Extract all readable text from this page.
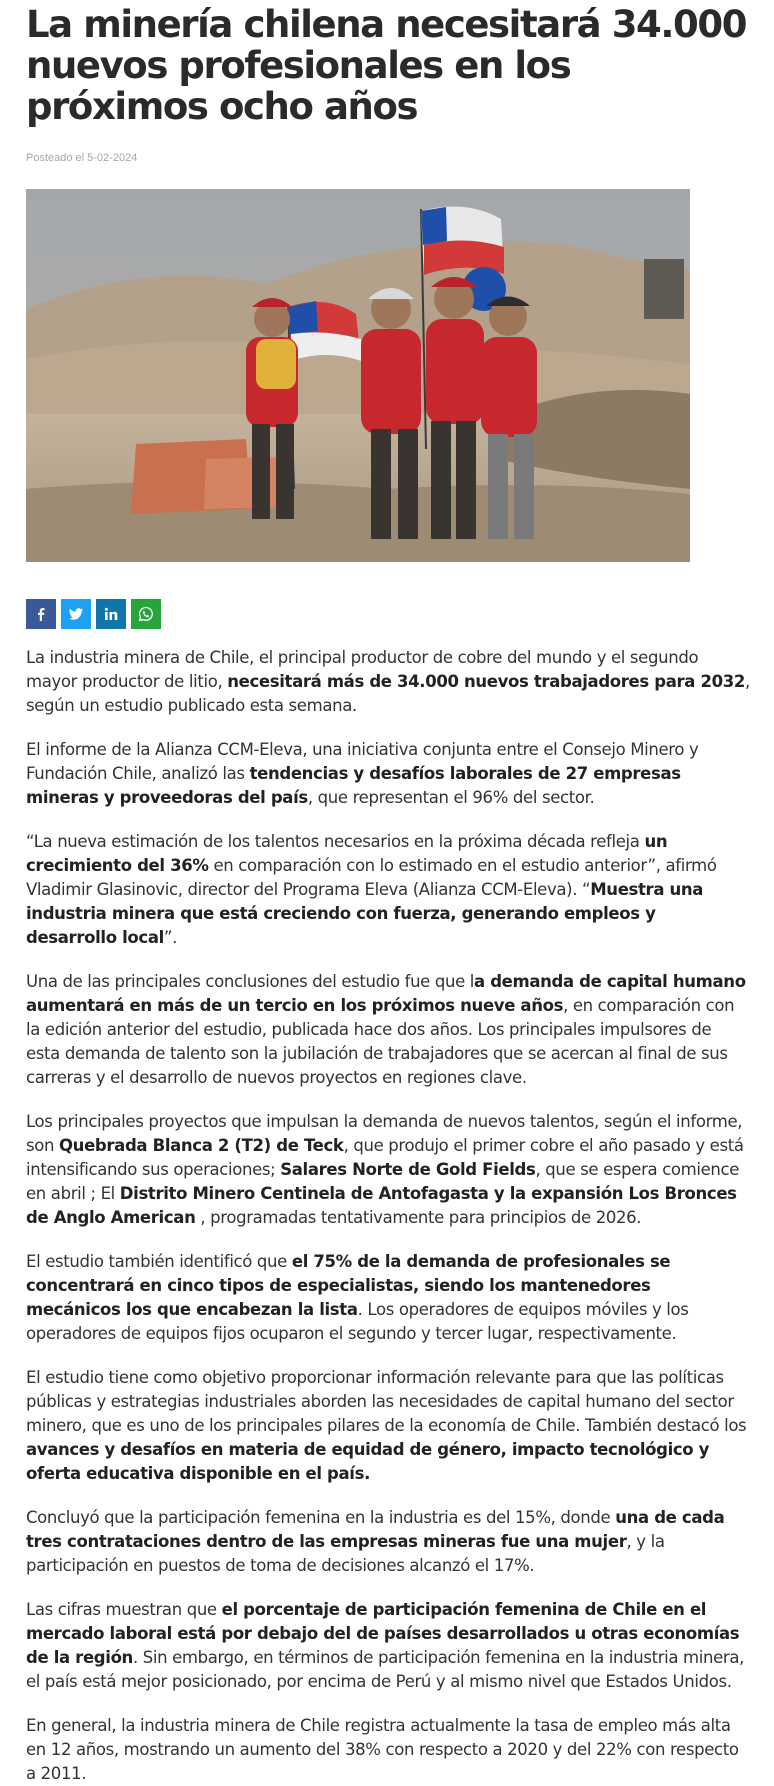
La minería chilena necesitará 34.000 nuevos profesionales en los próximos ocho años
Posteado el 5-02-2024

La industria minera de Chile, el principal productor de cobre del mundo y el segundo mayor productor de litio, necesitará más de 34.000 nuevos trabajadores para 2032, según un estudio publicado esta semana.

El informe de la Alianza CCM-Eleva, una iniciativa conjunta entre el Consejo Minero y Fundación Chile, analizó las tendencias y desafíos laborales de 27 empresas mineras y proveedoras del país, que representan el 96% del sector.

“La nueva estimación de los talentos necesarios en la próxima década refleja un crecimiento del 36% en comparación con lo estimado en el estudio anterior”, afirmó Vladimir Glasinovic, director del Programa Eleva (Alianza CCM-Eleva). “Muestra una industria minera que está creciendo con fuerza, generando empleos y desarrollo local”.

Una de las principales conclusiones del estudio fue que la demanda de capital humano aumentará en más de un tercio en los próximos nueve años, en comparación con la edición anterior del estudio, publicada hace dos años. Los principales impulsores de esta demanda de talento son la jubilación de trabajadores que se acercan al final de sus carreras y el desarrollo de nuevos proyectos en regiones clave.

Los principales proyectos que impulsan la demanda de nuevos talentos, según el informe, son Quebrada Blanca 2 (T2) de Teck, que produjo el primer cobre el año pasado y está intensificando sus operaciones; Salares Norte de Gold Fields, que se espera comience en abril ; El Distrito Minero Centinela de Antofagasta y la expansión Los Bronces de Anglo American , programadas tentativamente para principios de 2026.

El estudio también identificó que el 75% de la demanda de profesionales se concentrará en cinco tipos de especialistas, siendo los mantenedores mecánicos los que encabezan la lista. Los operadores de equipos móviles y los operadores de equipos fijos ocuparon el segundo y tercer lugar, respectivamente.

El estudio tiene como objetivo proporcionar información relevante para que las políticas públicas y estrategias industriales aborden las necesidades de capital humano del sector minero, que es uno de los principales pilares de la economía de Chile. También destacó los avances y desafíos en materia de equidad de género, impacto tecnológico y oferta educativa disponible en el país.

Concluyó que la participación femenina en la industria es del 15%, donde una de cada tres contrataciones dentro de las empresas mineras fue una mujer, y la participación en puestos de toma de decisiones alcanzó el 17%.

Las cifras muestran que el porcentaje de participación femenina de Chile en el mercado laboral está por debajo del de países desarrollados u otras economías de la región. Sin embargo, en términos de participación femenina en la industria minera, el país está mejor posicionado, por encima de Perú y al mismo nivel que Estados Unidos.

En general, la industria minera de Chile registra actualmente la tasa de empleo más alta en 12 años, mostrando un aumento del 38% con respecto a 2020 y del 22% con respecto a 2011.
